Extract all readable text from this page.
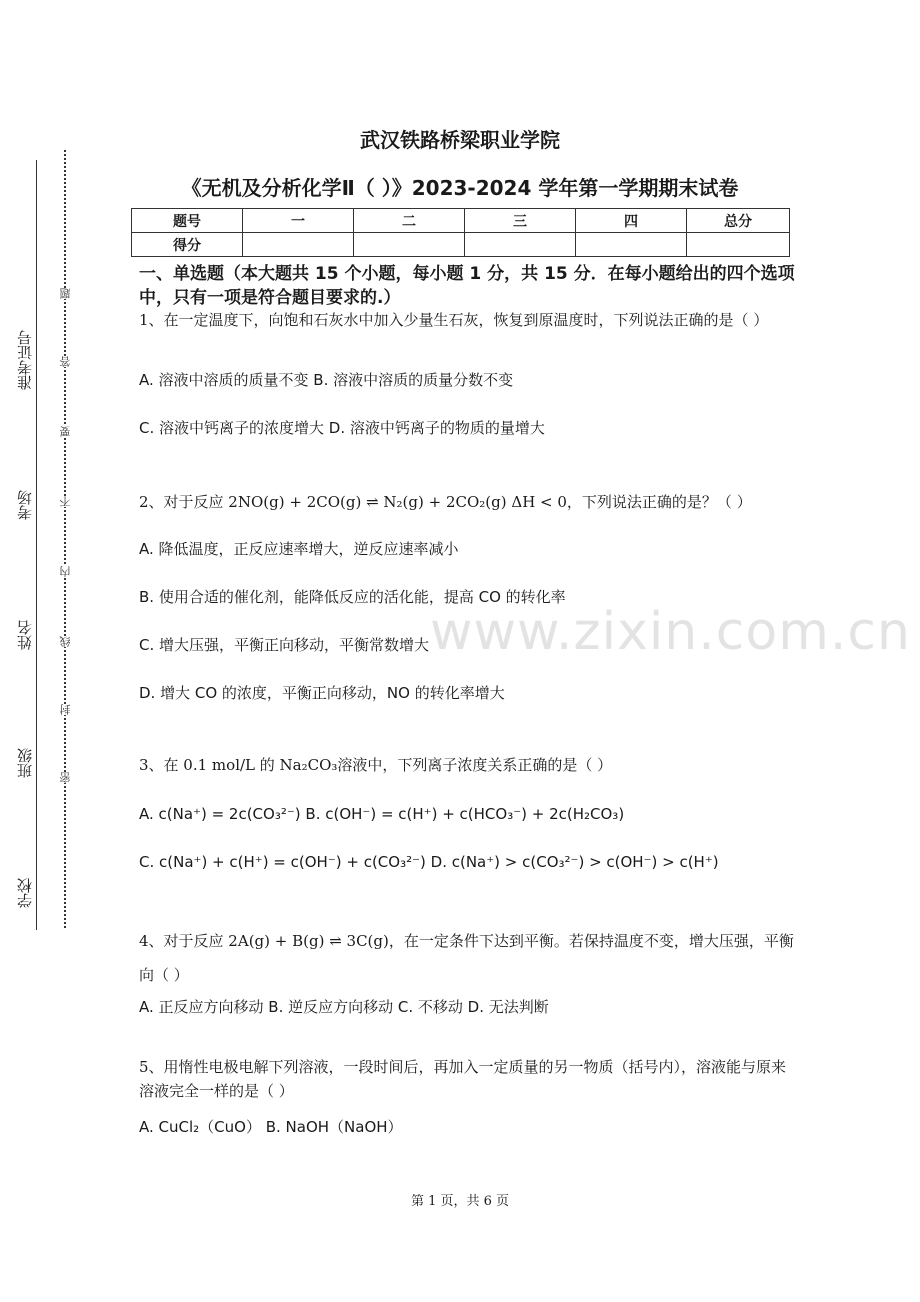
学校
班级
姓名
考场
准考证号
密
封
线
内
不
要
答
题
www.zixin.com.cn
武汉铁路桥梁职业学院
《无机及分析化学Ⅱ（ ）》2023-2024 学年第一学期期末试卷
题号	一	二	三	四	总分
得分					
一、单选题（本大题共 15 个小题，每小题 1 分，共 15 分．在每小题给出的四个选项中，只有一项是符合题目要求的.）
1、在一定温度下，向饱和石灰水中加入少量生石灰，恢复到原温度时，下列说法正确的是（ ）
A. 溶液中溶质的质量不变 B. 溶液中溶质的质量分数不变
C. 溶液中钙离子的浓度增大 D. 溶液中钙离子的物质的量增大
2、对于反应 2NO(g) + 2CO(g) ⇌ N₂(g) + 2CO₂(g) ΔH < 0，下列说法正确的是？（ ）
A. 降低温度，正反应速率增大，逆反应速率减小
B. 使用合适的催化剂，能降低反应的活化能，提高 CO 的转化率
C. 增大压强，平衡正向移动，平衡常数增大
D. 增大 CO 的浓度，平衡正向移动，NO 的转化率增大
3、在 0.1 mol/L 的 Na₂CO₃溶液中，下列离子浓度关系正确的是（ ）
A. c(Na⁺) = 2c(CO₃²⁻) B. c(OH⁻) = c(H⁺) + c(HCO₃⁻) + 2c(H₂CO₃)
C. c(Na⁺) + c(H⁺) = c(OH⁻) + c(CO₃²⁻) D. c(Na⁺) > c(CO₃²⁻) > c(OH⁻) > c(H⁺)
4、对于反应 2A(g) + B(g) ⇌ 3C(g)，在一定条件下达到平衡。若保持温度不变，增大压强，平衡向（ ）
A. 正反应方向移动 B. 逆反应方向移动 C. 不移动 D. 无法判断
5、用惰性电极电解下列溶液，一段时间后，再加入一定质量的另一物质（括号内），溶液能与原来溶液完全一样的是（ ）
A. CuCl₂（CuO） B. NaOH（NaOH）
第 1 页，共 6 页
